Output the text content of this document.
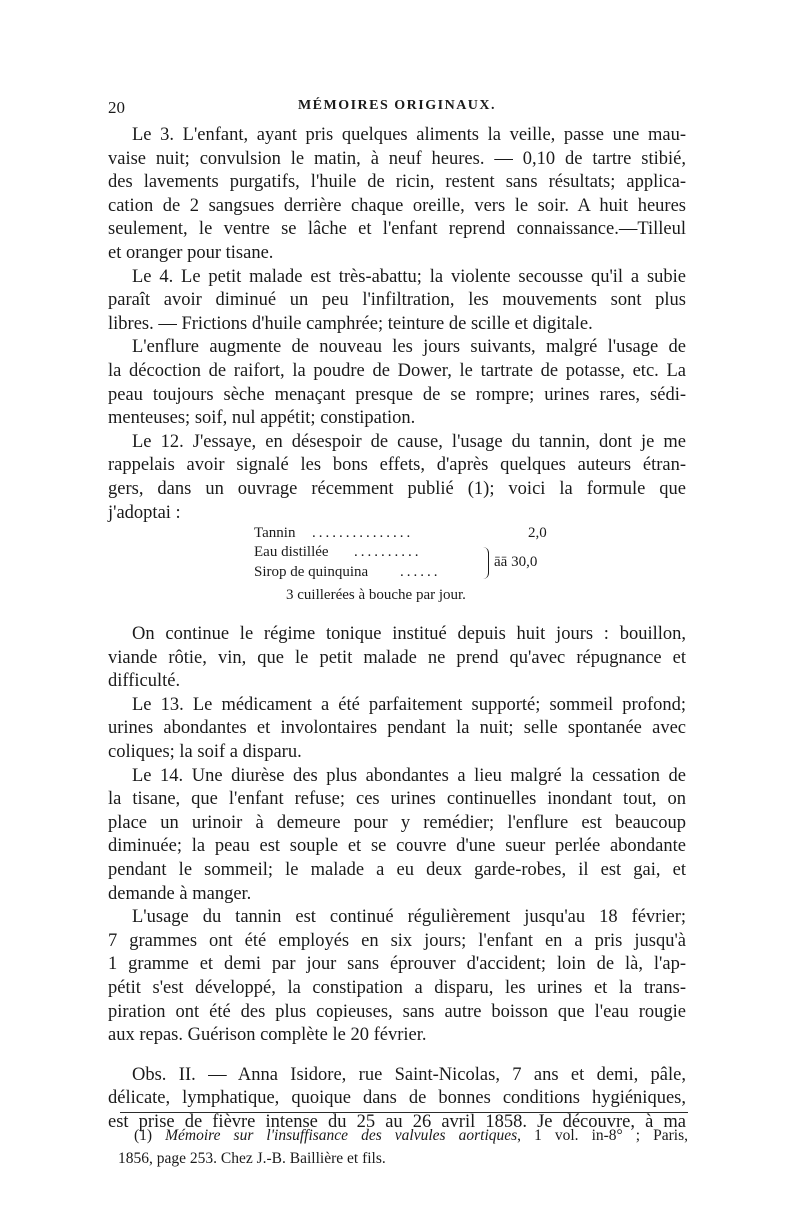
20	MÉMOIRES ORIGINAUX.
Le 3. L'enfant, ayant pris quelques aliments la veille, passe une mau-
vaise nuit; convulsion le matin, à neuf heures. — 0,10 de tartre stibié,
des lavements purgatifs, l'huile de ricin, restent sans résultats; applica-
cation de 2 sangsues derrière chaque oreille, vers le soir. A huit heures
seulement, le ventre se lâche et l'enfant reprend connaissance.—Tilleul
et oranger pour tisane.
Le 4. Le petit malade est très-abattu; la violente secousse qu'il a subie
paraît avoir diminué un peu l'infiltration, les mouvements sont plus
libres. — Frictions d'huile camphrée; teinture de scille et digitale.
L'enflure augmente de nouveau les jours suivants, malgré l'usage de
la décoction de raifort, la poudre de Dower, le tartrate de potasse, etc. La
peau toujours sèche menaçant presque de se rompre; urines rares, sédi-
menteuses; soif, nul appétit; constipation.
Le 12. J'essaye, en désespoir de cause, l'usage du tannin, dont je me
rappelais avoir signalé les bons effets, d'après quelques auteurs étran-
gers, dans un ouvrage récemment publié (1); voici la formule que
j'adoptai :
Tannin ...............	2,0
Eau distillée ..........
Sirop de quinquina ......
āā 30,0
3 cuillerées à bouche par jour.
On continue le régime tonique institué depuis huit jours : bouillon,
viande rôtie, vin, que le petit malade ne prend qu'avec répugnance et
difficulté.
Le 13. Le médicament a été parfaitement supporté; sommeil profond;
urines abondantes et involontaires pendant la nuit; selle spontanée avec
coliques; la soif a disparu.
Le 14. Une diurèse des plus abondantes a lieu malgré la cessation de
la tisane, que l'enfant refuse; ces urines continuelles inondant tout, on
place un urinoir à demeure pour y remédier; l'enflure est beaucoup
diminuée; la peau est souple et se couvre d'une sueur perlée abondante
pendant le sommeil; le malade a eu deux garde-robes, il est gai, et
demande à manger.
L'usage du tannin est continué régulièrement jusqu'au 18 février;
7 grammes ont été employés en six jours; l'enfant en a pris jusqu'à
1 gramme et demi par jour sans éprouver d'accident; loin de là, l'ap-
pétit s'est développé, la constipation a disparu, les urines et la trans-
piration ont été des plus copieuses, sans autre boisson que l'eau rougie
aux repas. Guérison complète le 20 février.
Obs. II. — Anna Isidore, rue Saint-Nicolas, 7 ans et demi, pâle,
délicate, lymphatique, quoique dans de bonnes conditions hygiéniques,
est prise de fièvre intense du 25 au 26 avril 1858. Je découvre, à ma
(1) Mémoire sur l'insuffisance des valvules aortiques, 1 vol. in-8° ; Paris,
1856, page 253. Chez J.-B. Baillière et fils.
